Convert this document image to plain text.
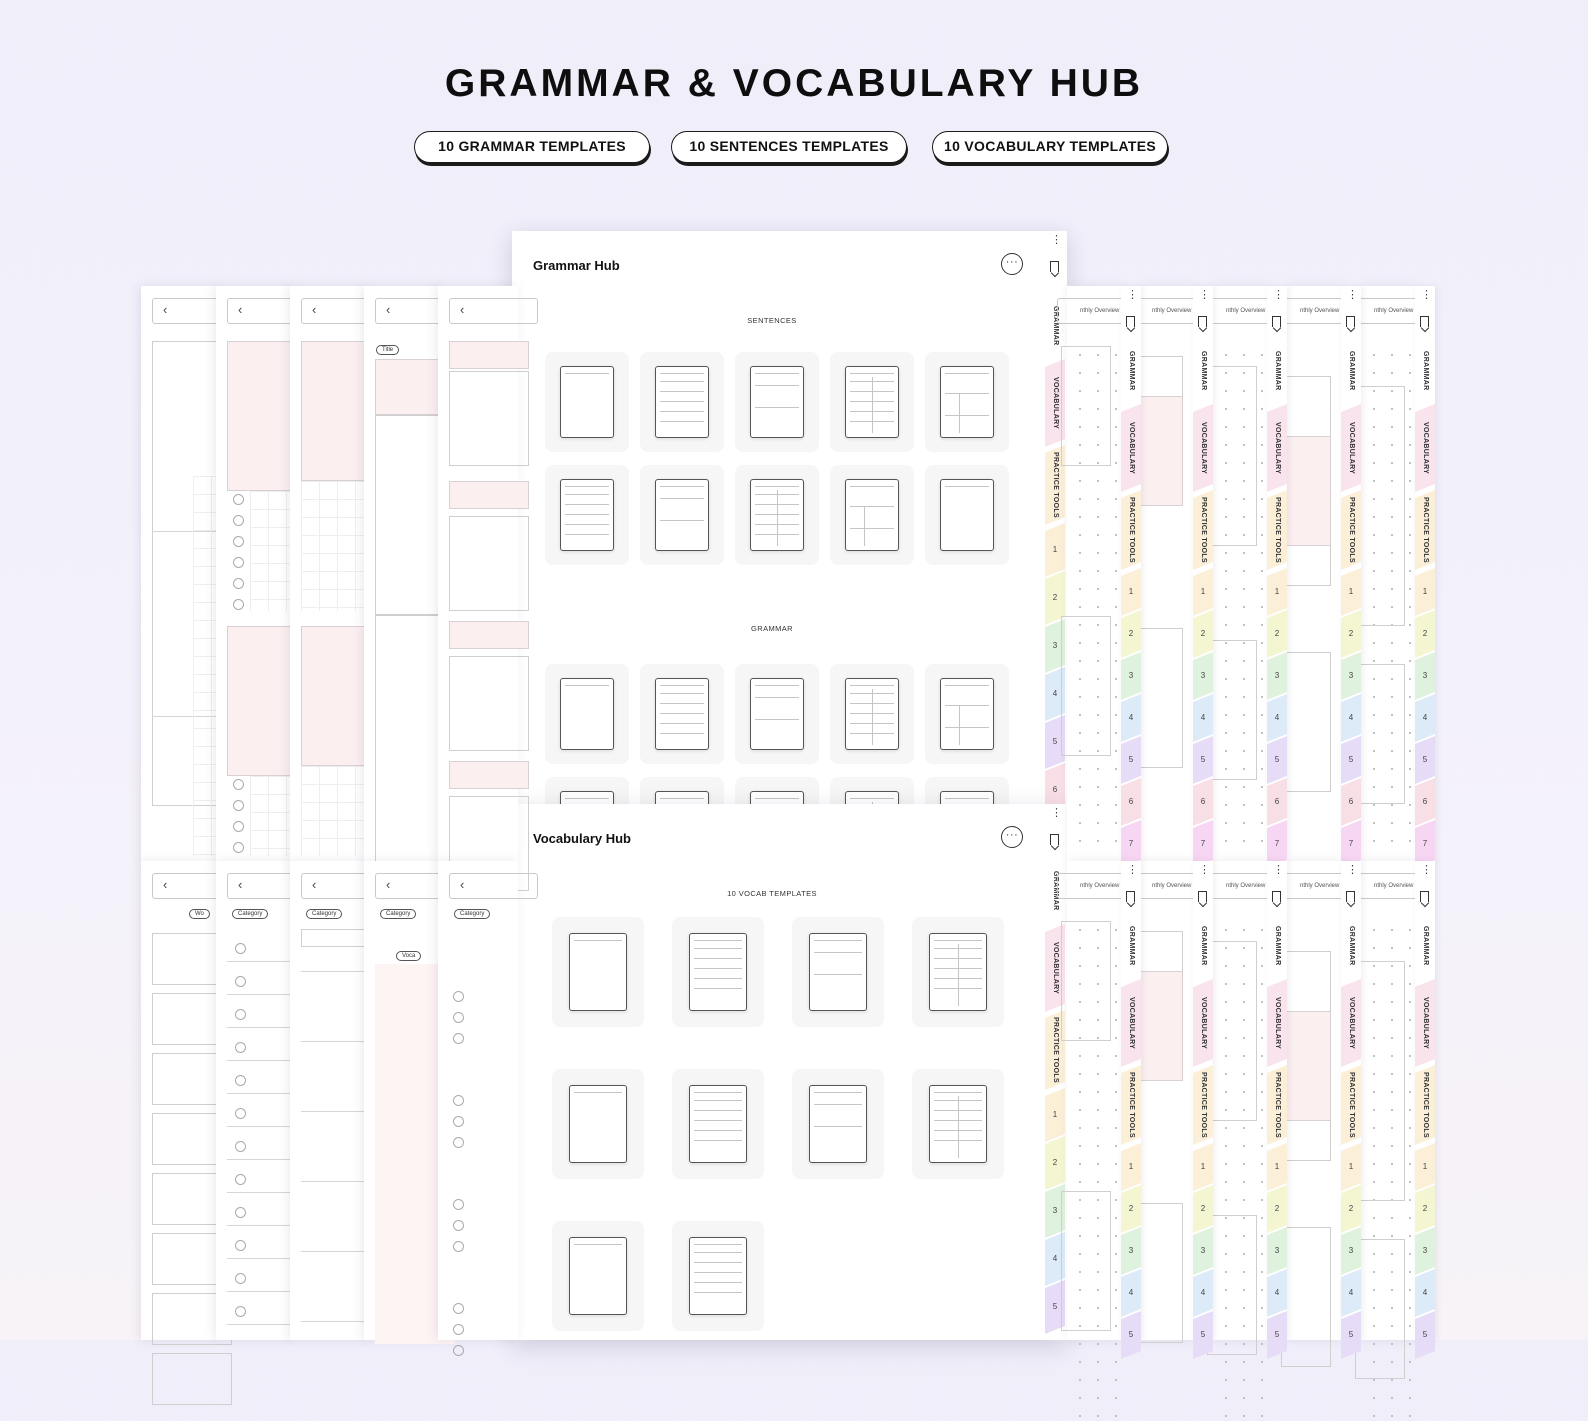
GRAMMAR & VOCABULARY HUB
10 GRAMMAR TEMPLATES	10 SENTENCES TEMPLATES	10 VOCABULARY TEMPLATES
‹	‹	‹	‹
Title
‹
‹
Wo
‹
Category
‹
Category
‹
Category
Voca
‹
Category
nthly Overview
⋮
GRAMMAR
VOCABULARY
PRACTICE TOOLS
1
2
3
4
5
6
7
nthly Overview
⋮
GRAMMAR
VOCABULARY
PRACTICE TOOLS
1
2
3
4
5
6
7
nthly Overview
⋮
GRAMMAR
VOCABULARY
PRACTICE TOOLS
1
2
3
4
5
6
7
nthly Overview
⋮
GRAMMAR
VOCABULARY
PRACTICE TOOLS
1
2
3
4
5
6
7
nthly Overview
⋮
GRAMMAR
VOCABULARY
PRACTICE TOOLS
1
2
3
4
5
6
7
nthly Overview
⋮
GRAMMAR
VOCABULARY
PRACTICE TOOLS
1
2
3
4
5
nthly Overview
⋮
GRAMMAR
VOCABULARY
PRACTICE TOOLS
1
2
3
4
5
nthly Overview
⋮
GRAMMAR
VOCABULARY
PRACTICE TOOLS
1
2
3
4
5
nthly Overview
⋮
GRAMMAR
VOCABULARY
PRACTICE TOOLS
1
2
3
4
5
nthly Overview
⋮
GRAMMAR
VOCABULARY
PRACTICE TOOLS
1
2
3
4
5
Grammar Hub	···
SENTENCES
GRAMMAR
⋮
GRAMMAR
VOCABULARY
PRACTICE TOOLS
1
2
3
4
5
6
Vocabulary Hub	···
10 VOCAB TEMPLATES
⋮
GRAMMAR
VOCABULARY
PRACTICE TOOLS
1
2
3
4
5
